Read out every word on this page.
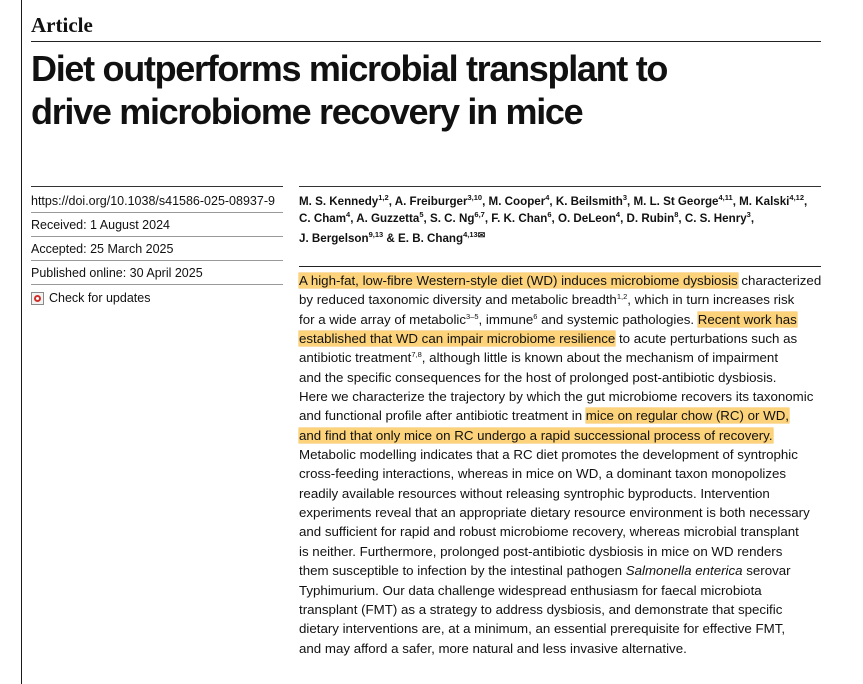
Article
Diet outperforms microbial transplant to
drive microbiome recovery in mice
https://doi.org/10.1038/s41586-025-08937-9
Received: 1 August 2024
Accepted: 25 March 2025
Published online: 30 April 2025
Check for updates
M. S. Kennedy$^{1,2}$, A. Freiburger$^{3,10}$, M. Cooper$^4$, K. Beilsmith$^3$, M. L. St George$^{4,11}$, M. Kalski$^{4,12}$,
C. Cham$^4$, A. Guzzetta$^5$, S. C. Ng$^{6,7}$, F. K. Chan$^6$, O. DeLeon$^4$, D. Rubin$^8$, C. S. Henry$^3$,
J. Bergelson$^{9,13}$ & E. B. Chang$^{4,13✉}$
A high-fat, low-fibre Western-style diet (WD) induces microbiome dysbiosis characterized
by reduced taxonomic diversity and metabolic breadth$^{1,2}$, which in turn increases risk
for a wide array of metabolic$^{3-5}$, immune$^6$ and systemic pathologies. Recent work has
established that WD can impair microbiome resilience to acute perturbations such as
antibiotic treatment$^{7,8}$, although little is known about the mechanism of impairment
and the specific consequences for the host of prolonged post-antibiotic dysbiosis.
Here we characterize the trajectory by which the gut microbiome recovers its taxonomic
and functional profile after antibiotic treatment in mice on regular chow (RC) or WD,
and find that only mice on RC undergo a rapid successional process of recovery.
Metabolic modelling indicates that a RC diet promotes the development of syntrophic
cross-feeding interactions, whereas in mice on WD, a dominant taxon monopolizes
readily available resources without releasing syntrophic byproducts. Intervention
experiments reveal that an appropriate dietary resource environment is both necessary
and sufficient for rapid and robust microbiome recovery, whereas microbial transplant
is neither. Furthermore, prolonged post-antibiotic dysbiosis in mice on WD renders
them susceptible to infection by the intestinal pathogen Salmonella enterica serovar
Typhimurium. Our data challenge widespread enthusiasm for faecal microbiota
transplant (FMT) as a strategy to address dysbiosis, and demonstrate that specific
dietary interventions are, at a minimum, an essential prerequisite for effective FMT,
and may afford a safer, more natural and less invasive alternative.
